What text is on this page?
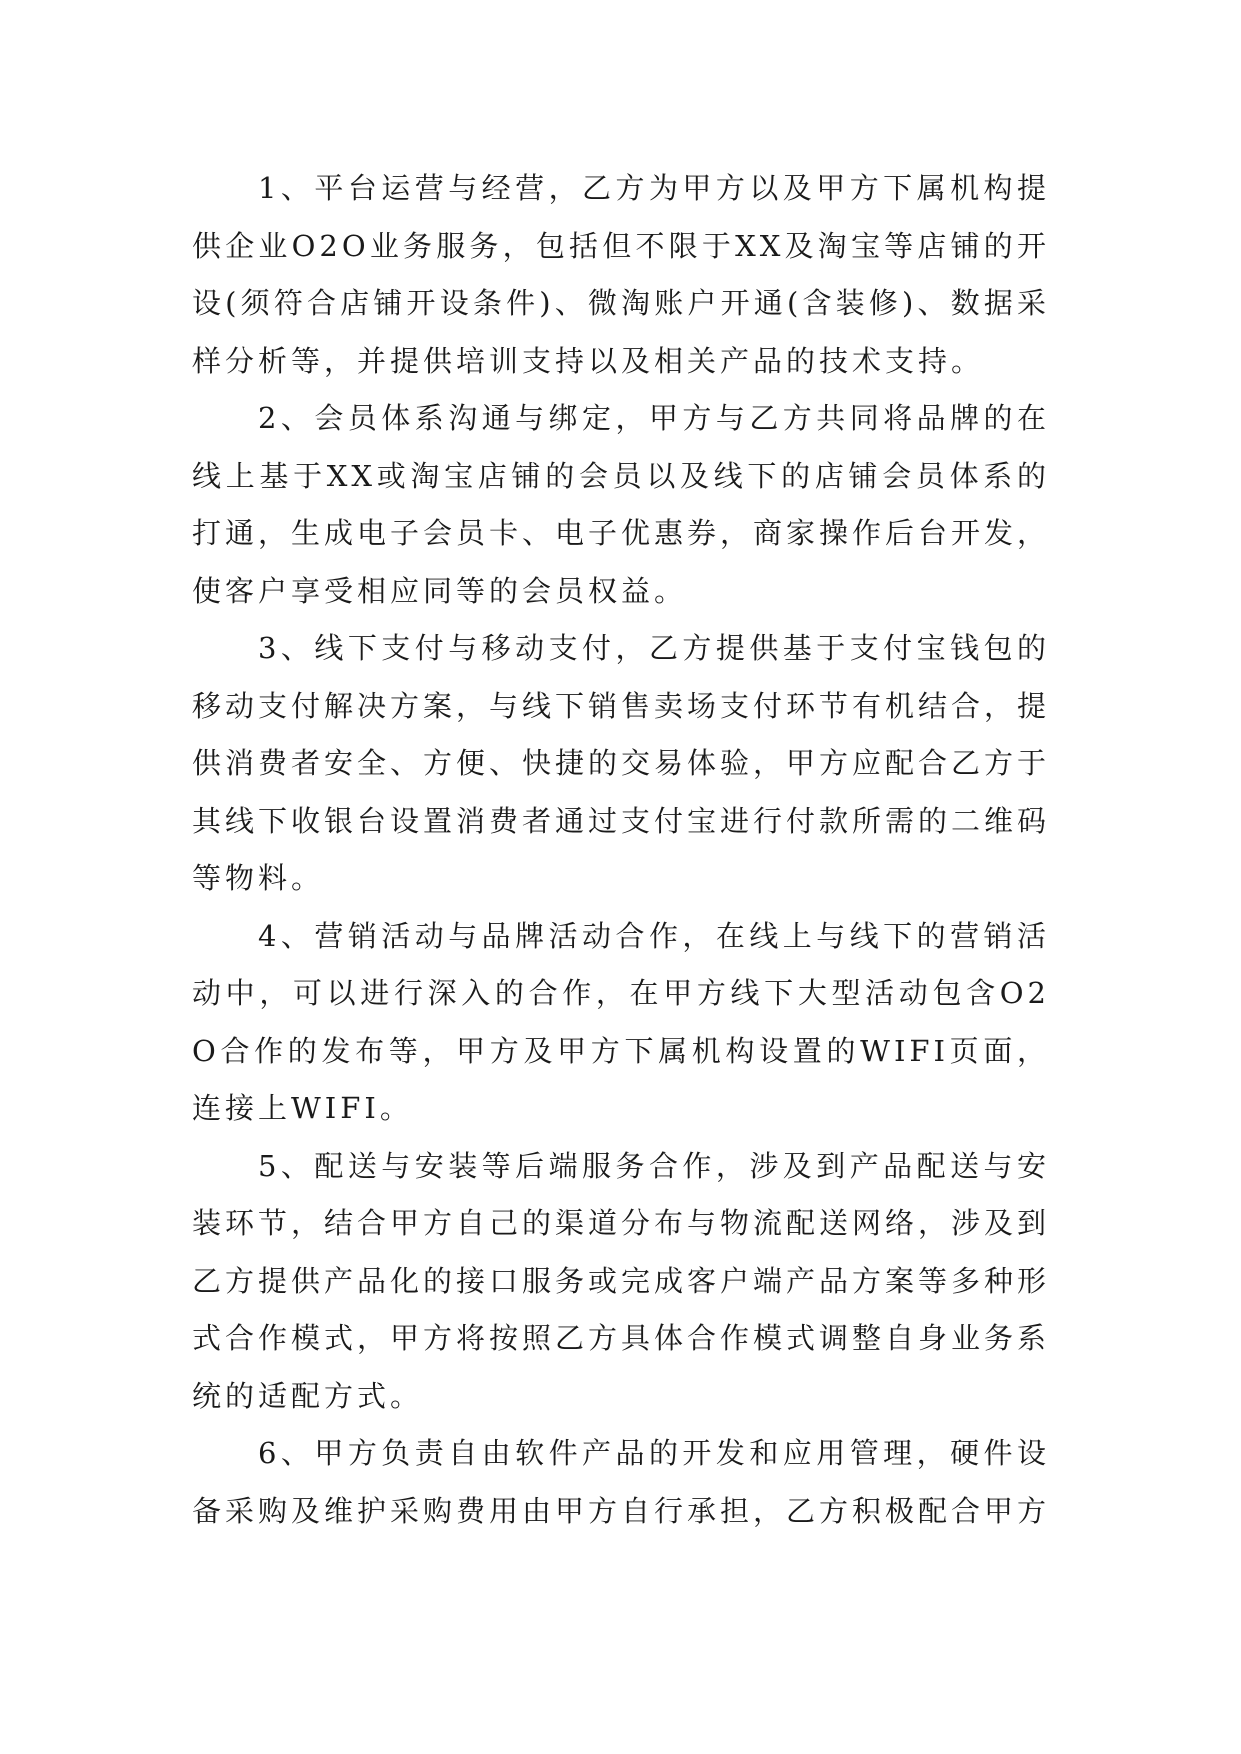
1、平台运营与经营，乙方为甲方以及甲方下属机构提供企业O2O业务服务，包括但不限于XX及淘宝等店铺的开设(须符合店铺开设条件)、微淘账户开通(含装修)、数据采样分析等，并提供培训支持以及相关产品的技术支持。

2、会员体系沟通与绑定，甲方与乙方共同将品牌的在线上基于XX或淘宝店铺的会员以及线下的店铺会员体系的打通，生成电子会员卡、电子优惠券，商家操作后台开发，使客户享受相应同等的会员权益。

3、线下支付与移动支付，乙方提供基于支付宝钱包的移动支付解决方案，与线下销售卖场支付环节有机结合，提供消费者安全、方便、快捷的交易体验，甲方应配合乙方于其线下收银台设置消费者通过支付宝进行付款所需的二维码等物料。

4、营销活动与品牌活动合作，在线上与线下的营销活动中，可以进行深入的合作，在甲方线下大型活动包含O2O合作的发布等，甲方及甲方下属机构设置的WIFI页面，连接上WIFI。

5、配送与安装等后端服务合作，涉及到产品配送与安装环节，结合甲方自己的渠道分布与物流配送网络，涉及到乙方提供产品化的接口服务或完成客户端产品方案等多种形式合作模式，甲方将按照乙方具体合作模式调整自身业务系统的适配方式。

6、甲方负责自由软件产品的开发和应用管理，硬件设备采购及维护采购费用由甲方自行承担，乙方积极配合甲方
